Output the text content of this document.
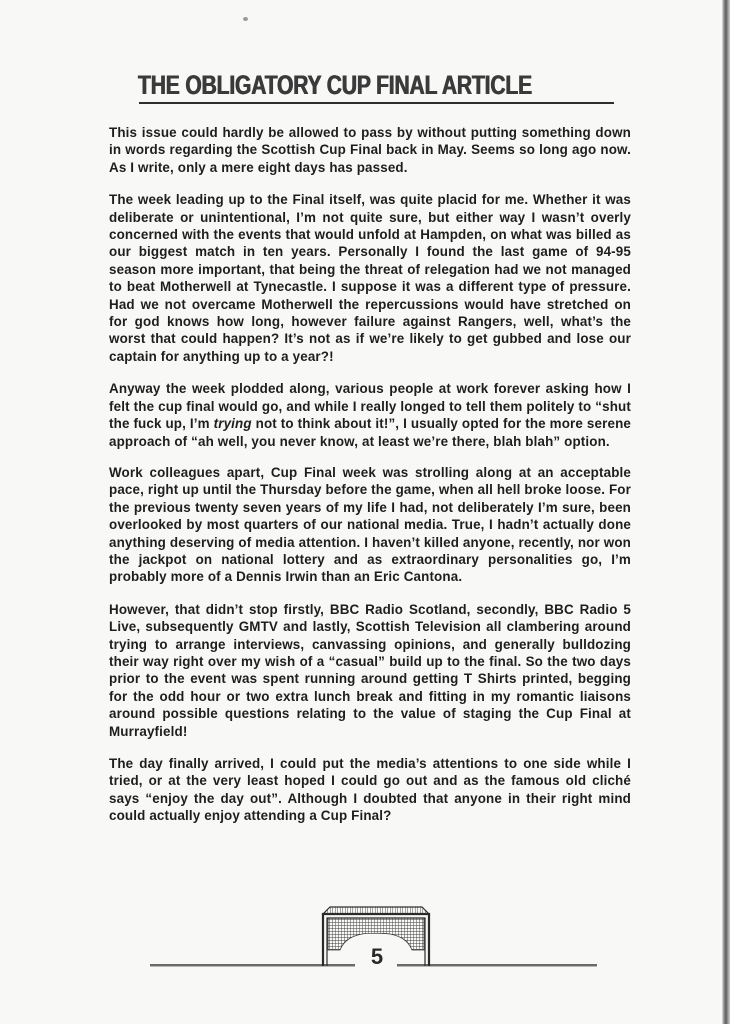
THE OBLIGATORY CUP FINAL ARTICLE

This issue could hardly be allowed to pass by without putting something down in words regarding the Scottish Cup Final back in May. Seems so long ago now. As I write, only a mere eight days has passed.

The week leading up to the Final itself, was quite placid for me. Whether it was deliberate or unintentional, I’m not quite sure, but either way I wasn’t overly concerned with the events that would unfold at Hampden, on what was billed as our biggest match in ten years. Personally I found the last game of 94-95 season more important, that being the threat of relegation had we not managed to beat Motherwell at Tynecastle. I suppose it was a different type of pressure. Had we not overcame Motherwell the repercussions would have stretched on for god knows how long, however failure against Rangers, well, what’s the worst that could happen? It’s not as if we’re likely to get gubbed and lose our captain for anything up to a year?!

Anyway the week plodded along, various people at work forever asking how I felt the cup final would go, and while I really longed to tell them politely to “shut the fuck up, I’m trying not to think about it!”, I usually opted for the more serene approach of “ah well, you never know, at least we’re there, blah blah” option.

Work colleagues apart, Cup Final week was strolling along at an acceptable pace, right up until the Thursday before the game, when all hell broke loose. For the previous twenty seven years of my life I had, not deliberately I’m sure, been overlooked by most quarters of our national media. True, I hadn’t actually done anything deserving of media attention. I haven’t killed anyone, recently, nor won the jackpot on national lottery and as extraordinary personalities go, I’m probably more of a Dennis Irwin than an Eric Cantona.

However, that didn’t stop firstly, BBC Radio Scotland, secondly, BBC Radio 5 Live, subsequently GMTV and lastly, Scottish Television all clambering around trying to arrange interviews, canvassing opinions, and generally bulldozing their way right over my wish of a “casual” build up to the final. So the two days prior to the event was spent running around getting T Shirts printed, begging for the odd hour or two extra lunch break and fitting in my romantic liaisons around possible questions relating to the value of staging the Cup Final at Murrayfield!

The day finally arrived, I could put the media’s attentions to one side while I tried, or at the very least hoped I could go out and as the famous old cliché says “enjoy the day out”. Although I doubted that anyone in their right mind could actually enjoy attending a Cup Final?

5
